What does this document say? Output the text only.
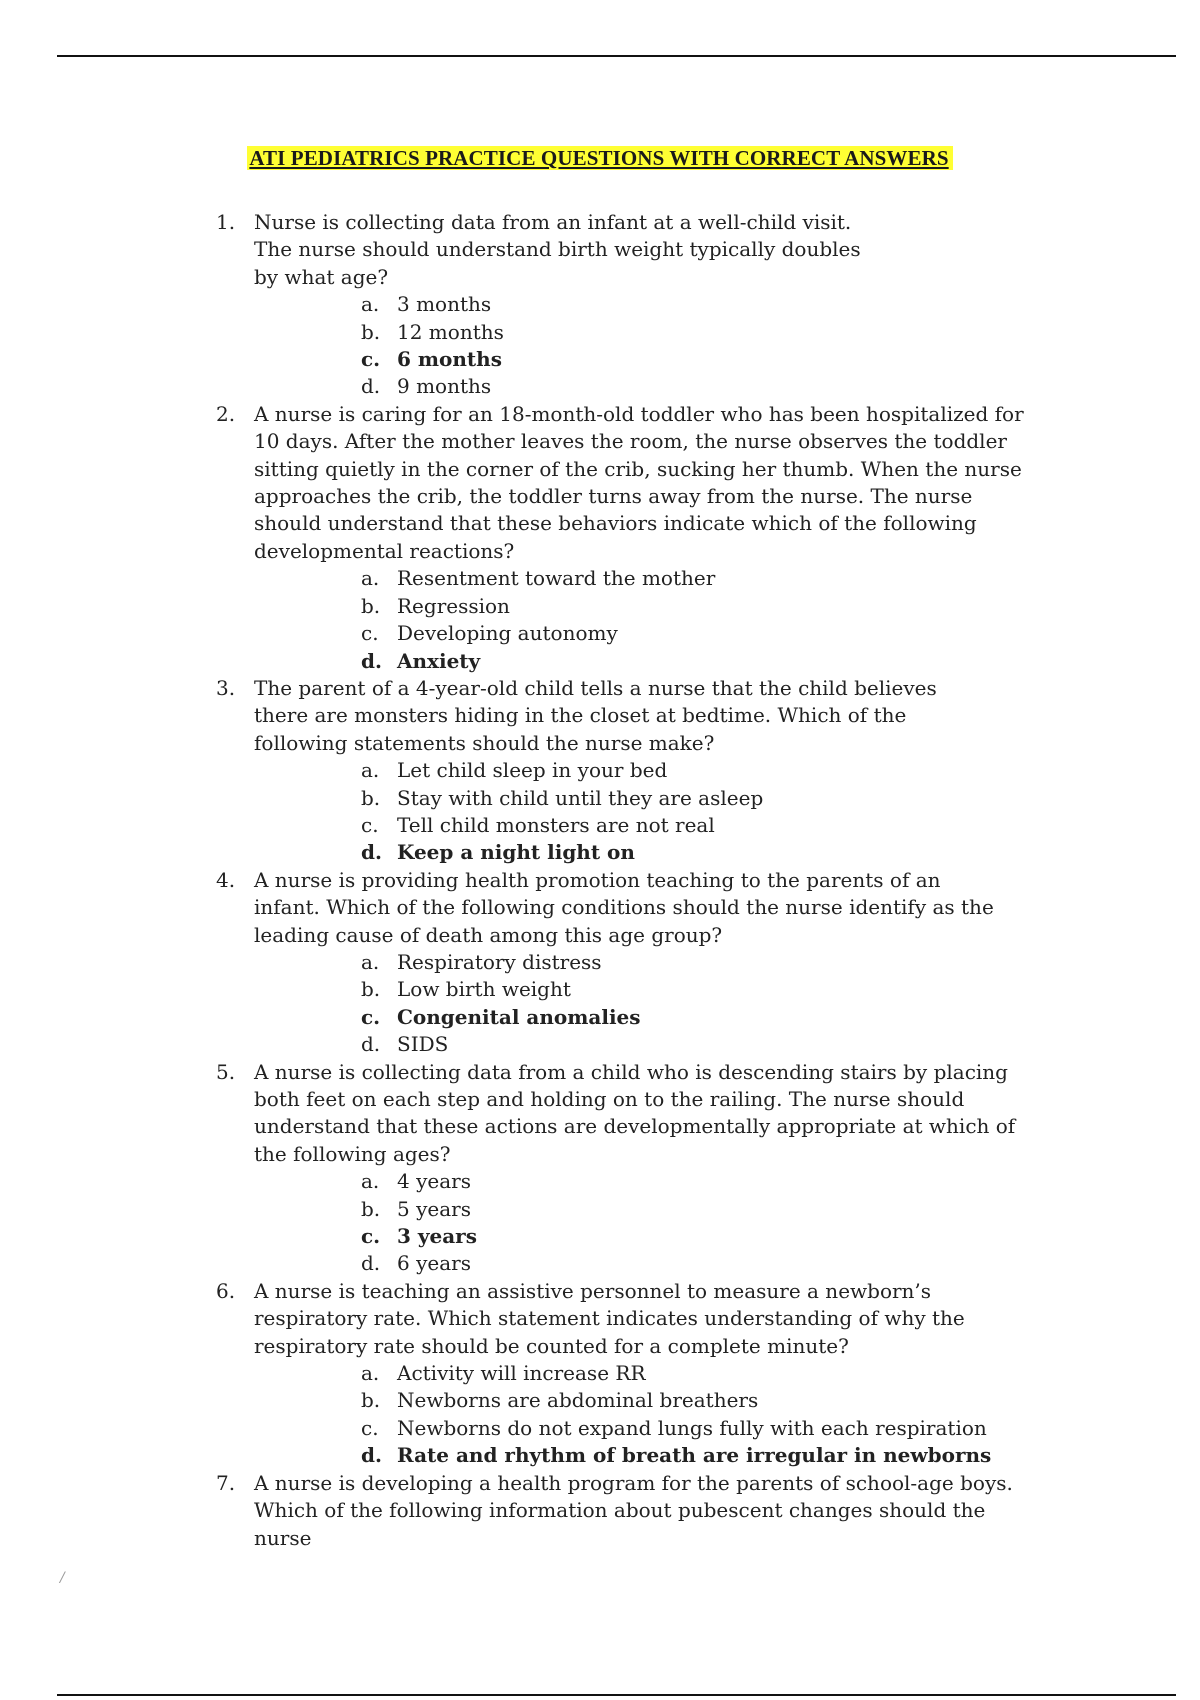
ATI PEDIATRICS PRACTICE QUESTIONS WITH CORRECT ANSWERS
1. Nurse is collecting data from an infant at a well-child visit. The nurse should understand birth weight typically doubles by what age?
a. 3 months
b. 12 months
c. 6 months
d. 9 months
2. A nurse is caring for an 18-month-old toddler who has been hospitalized for 10 days. After the mother leaves the room, the nurse observes the toddler sitting quietly in the corner of the crib, sucking her thumb. When the nurse approaches the crib, the toddler turns away from the nurse. The nurse should understand that these behaviors indicate which of the following developmental reactions?
a. Resentment toward the mother
b. Regression
c. Developing autonomy
d. Anxiety
3. The parent of a 4-year-old child tells a nurse that the child believes there are monsters hiding in the closet at bedtime. Which of the following statements should the nurse make?
a. Let child sleep in your bed
b. Stay with child until they are asleep
c. Tell child monsters are not real
d. Keep a night light on
4. A nurse is providing health promotion teaching to the parents of an infant. Which of the following conditions should the nurse identify as the leading cause of death among this age group?
a. Respiratory distress
b. Low birth weight
c. Congenital anomalies
d. SIDS
5. A nurse is collecting data from a child who is descending stairs by placing both feet on each step and holding on to the railing. The nurse should understand that these actions are developmentally appropriate at which of the following ages?
a. 4 years
b. 5 years
c. 3 years
d. 6 years
6. A nurse is teaching an assistive personnel to measure a newborn’s respiratory rate. Which statement indicates understanding of why the respiratory rate should be counted for a complete minute?
a. Activity will increase RR
b. Newborns are abdominal breathers
c. Newborns do not expand lungs fully with each respiration
d. Rate and rhythm of breath are irregular in newborns
7. A nurse is developing a health program for the parents of school-age boys. Which of the following information about pubescent changes should the nurse
/
